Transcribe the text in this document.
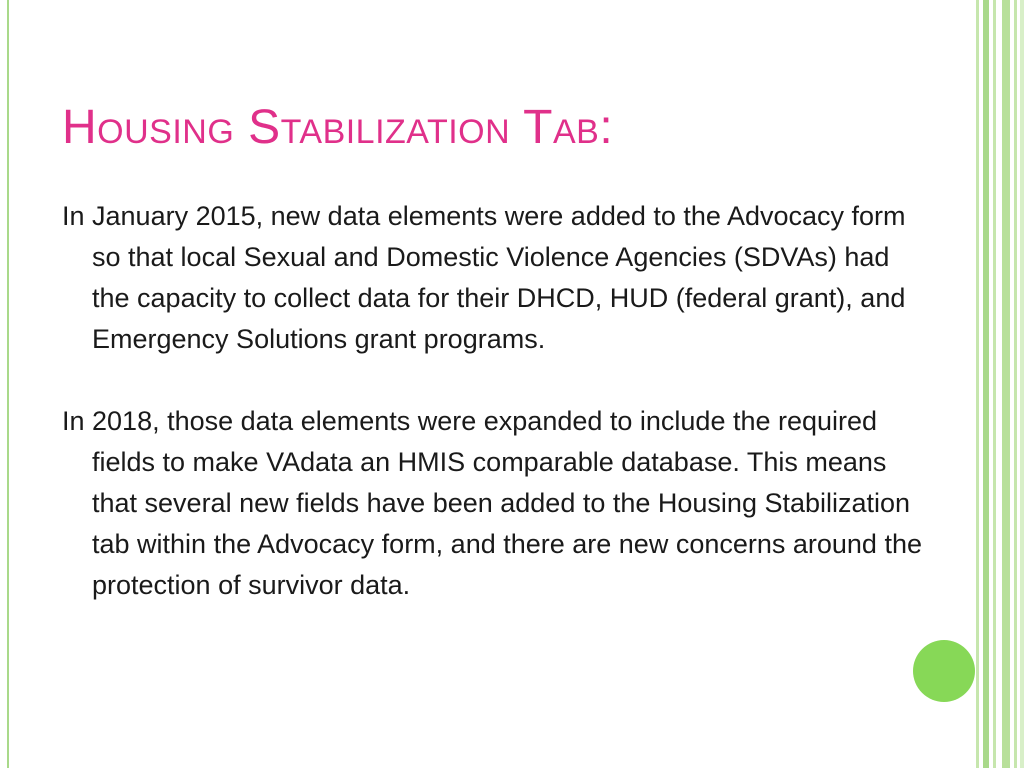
Housing Stabilization Tab:

In January 2015, new data elements were added to the Advocacy form so that local Sexual and Domestic Violence Agencies (SDVAs) had the capacity to collect data for their DHCD, HUD (federal grant), and Emergency Solutions grant programs.

In 2018, those data elements were expanded to include the required fields to make VAdata an HMIS comparable database. This means that several new fields have been added to the Housing Stabilization tab within the Advocacy form, and there are new concerns around the protection of survivor data.
